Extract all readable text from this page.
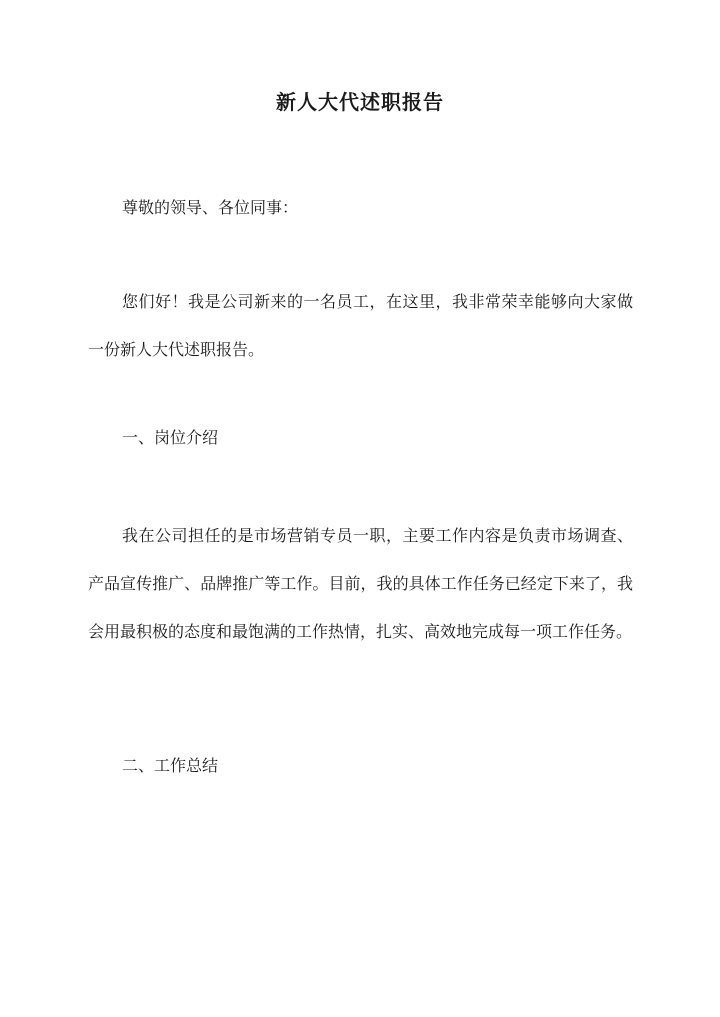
新人大代述职报告

尊敬的领导、各位同事：

您们好！我是公司新来的一名员工，在这里，我非常荣幸能够向大家做一份新人大代述职报告。

一、岗位介绍

我在公司担任的是市场营销专员一职，主要工作内容是负责市场调查、产品宣传推广、品牌推广等工作。目前，我的具体工作任务已经定下来了，我会用最积极的态度和最饱满的工作热情，扎实、高效地完成每一项工作任务。

二、工作总结
